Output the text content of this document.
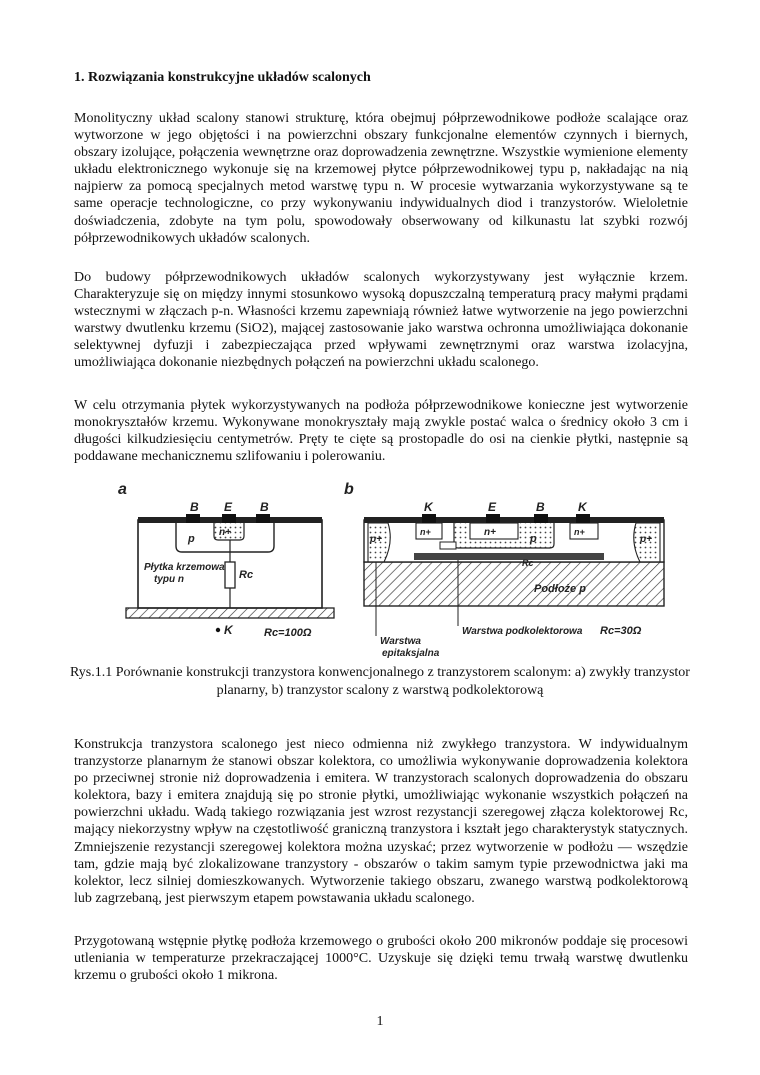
1. Rozwiązania konstrukcyjne układów scalonych

Monolityczny układ scalony stanowi strukturę, która obejmuj półprzewodnikowe podłoże scalające oraz wytworzone w jego objętości i na powierzchni obszary funkcjonalne elementów czynnych i biernych, obszary izolujące, połączenia wewnętrzne oraz doprowadzenia zewnętrzne. Wszystkie wymienione elementy układu elektronicznego wykonuje się na krzemowej płytce półprzewodnikowej typu p, nakładając na nią najpierw za pomocą specjalnych metod warstwę typu n. W procesie wytwarzania wykorzystywane są te same operacje technologiczne, co przy wykonywaniu indywidualnych diod i tranzystorów. Wieloletnie doświadczenia, zdobyte na tym polu, spowodowały obserwowany od kilkunastu lat szybki rozwój półprzewodnikowych układów scalonych.

Do budowy półprzewodnikowych układów scalonych wykorzystywany jest wyłącznie krzem. Charakteryzuje się on między innymi stosunkowo wysoką dopuszczalną temperaturą pracy małymi prądami wstecznymi w złączach p-n. Własności krzemu zapewniają również łatwe wytworzenie na jego powierzchni warstwy dwutlenku krzemu (SiO2), mającej zastosowanie jako warstwa ochronna umożliwiająca dokonanie selektywnej dyfuzji i zabezpieczająca przed wpływami zewnętrznymi oraz warstwa izolacyjna, umożliwiająca dokonanie niezbędnych połączeń na powierzchni układu scalonego.

W celu otrzymania płytek wykorzystywanych na podłoża półprzewodnikowe konieczne jest wytworzenie monokryształów krzemu. Wykonywane monokryształy mają zwykle postać walca o średnicy około 3 cm i długości kilkudziesięciu centymetrów. Pręty te cięte są prostopadle do osi na cienkie płytki, następnie są poddawane mechanicznemu szlifowaniu i polerowaniu.

a
B E B
p
n+
Rc
Płytka krzemowa
typu n
K	Rc=100Ω
b
K	E	B	K
p+
n+	n+
p
n+
p+
Rc
Podłoże p
Warstwa
epitaksjalna
Warstwa podkolektorowa Rc=30Ω

Rys.1.1 Porównanie konstrukcji tranzystora konwencjonalnego z tranzystorem scalonym: a) zwykły tranzystor planarny, b) tranzystor scalony z warstwą podkolektorową

Konstrukcja tranzystora scalonego jest nieco odmienna niż zwykłego tranzystora. W indywidualnym tranzystorze planarnym że stanowi obszar kolektora, co umożliwia wykonywanie doprowadzenia kolektora po przeciwnej stronie niż doprowadzenia i emitera. W tranzystorach scalonych doprowadzenia do obszaru kolektora, bazy i emitera znajdują się po stronie płytki, umożliwiając wykonanie wszystkich połączeń na powierzchni układu. Wadą takiego rozwiązania jest wzrost rezystancji szeregowej złącza kolektorowej Rc, mający niekorzystny wpływ na częstotliwość graniczną tranzystora i kształt jego charakterystyk statycznych. Zmniejszenie rezystancji szeregowej kolektora można uzyskać; przez wytworzenie w podłożu — wszędzie tam, gdzie mają być zlokalizowane tranzystory - obszarów o takim samym typie przewodnictwa jaki ma kolektor, lecz silniej domieszkowanych. Wytworzenie takiego obszaru, zwanego warstwą podkolektorową lub zagrzebaną, jest pierwszym etapem powstawania układu scalonego.

Przygotowaną wstępnie płytkę podłoża krzemowego o grubości około 200 mikronów poddaje się procesowi utleniania w temperaturze przekraczającej 1000°C. Uzyskuje się dzięki temu trwałą warstwę dwutlenku krzemu o grubości około 1 mikrona.

1
